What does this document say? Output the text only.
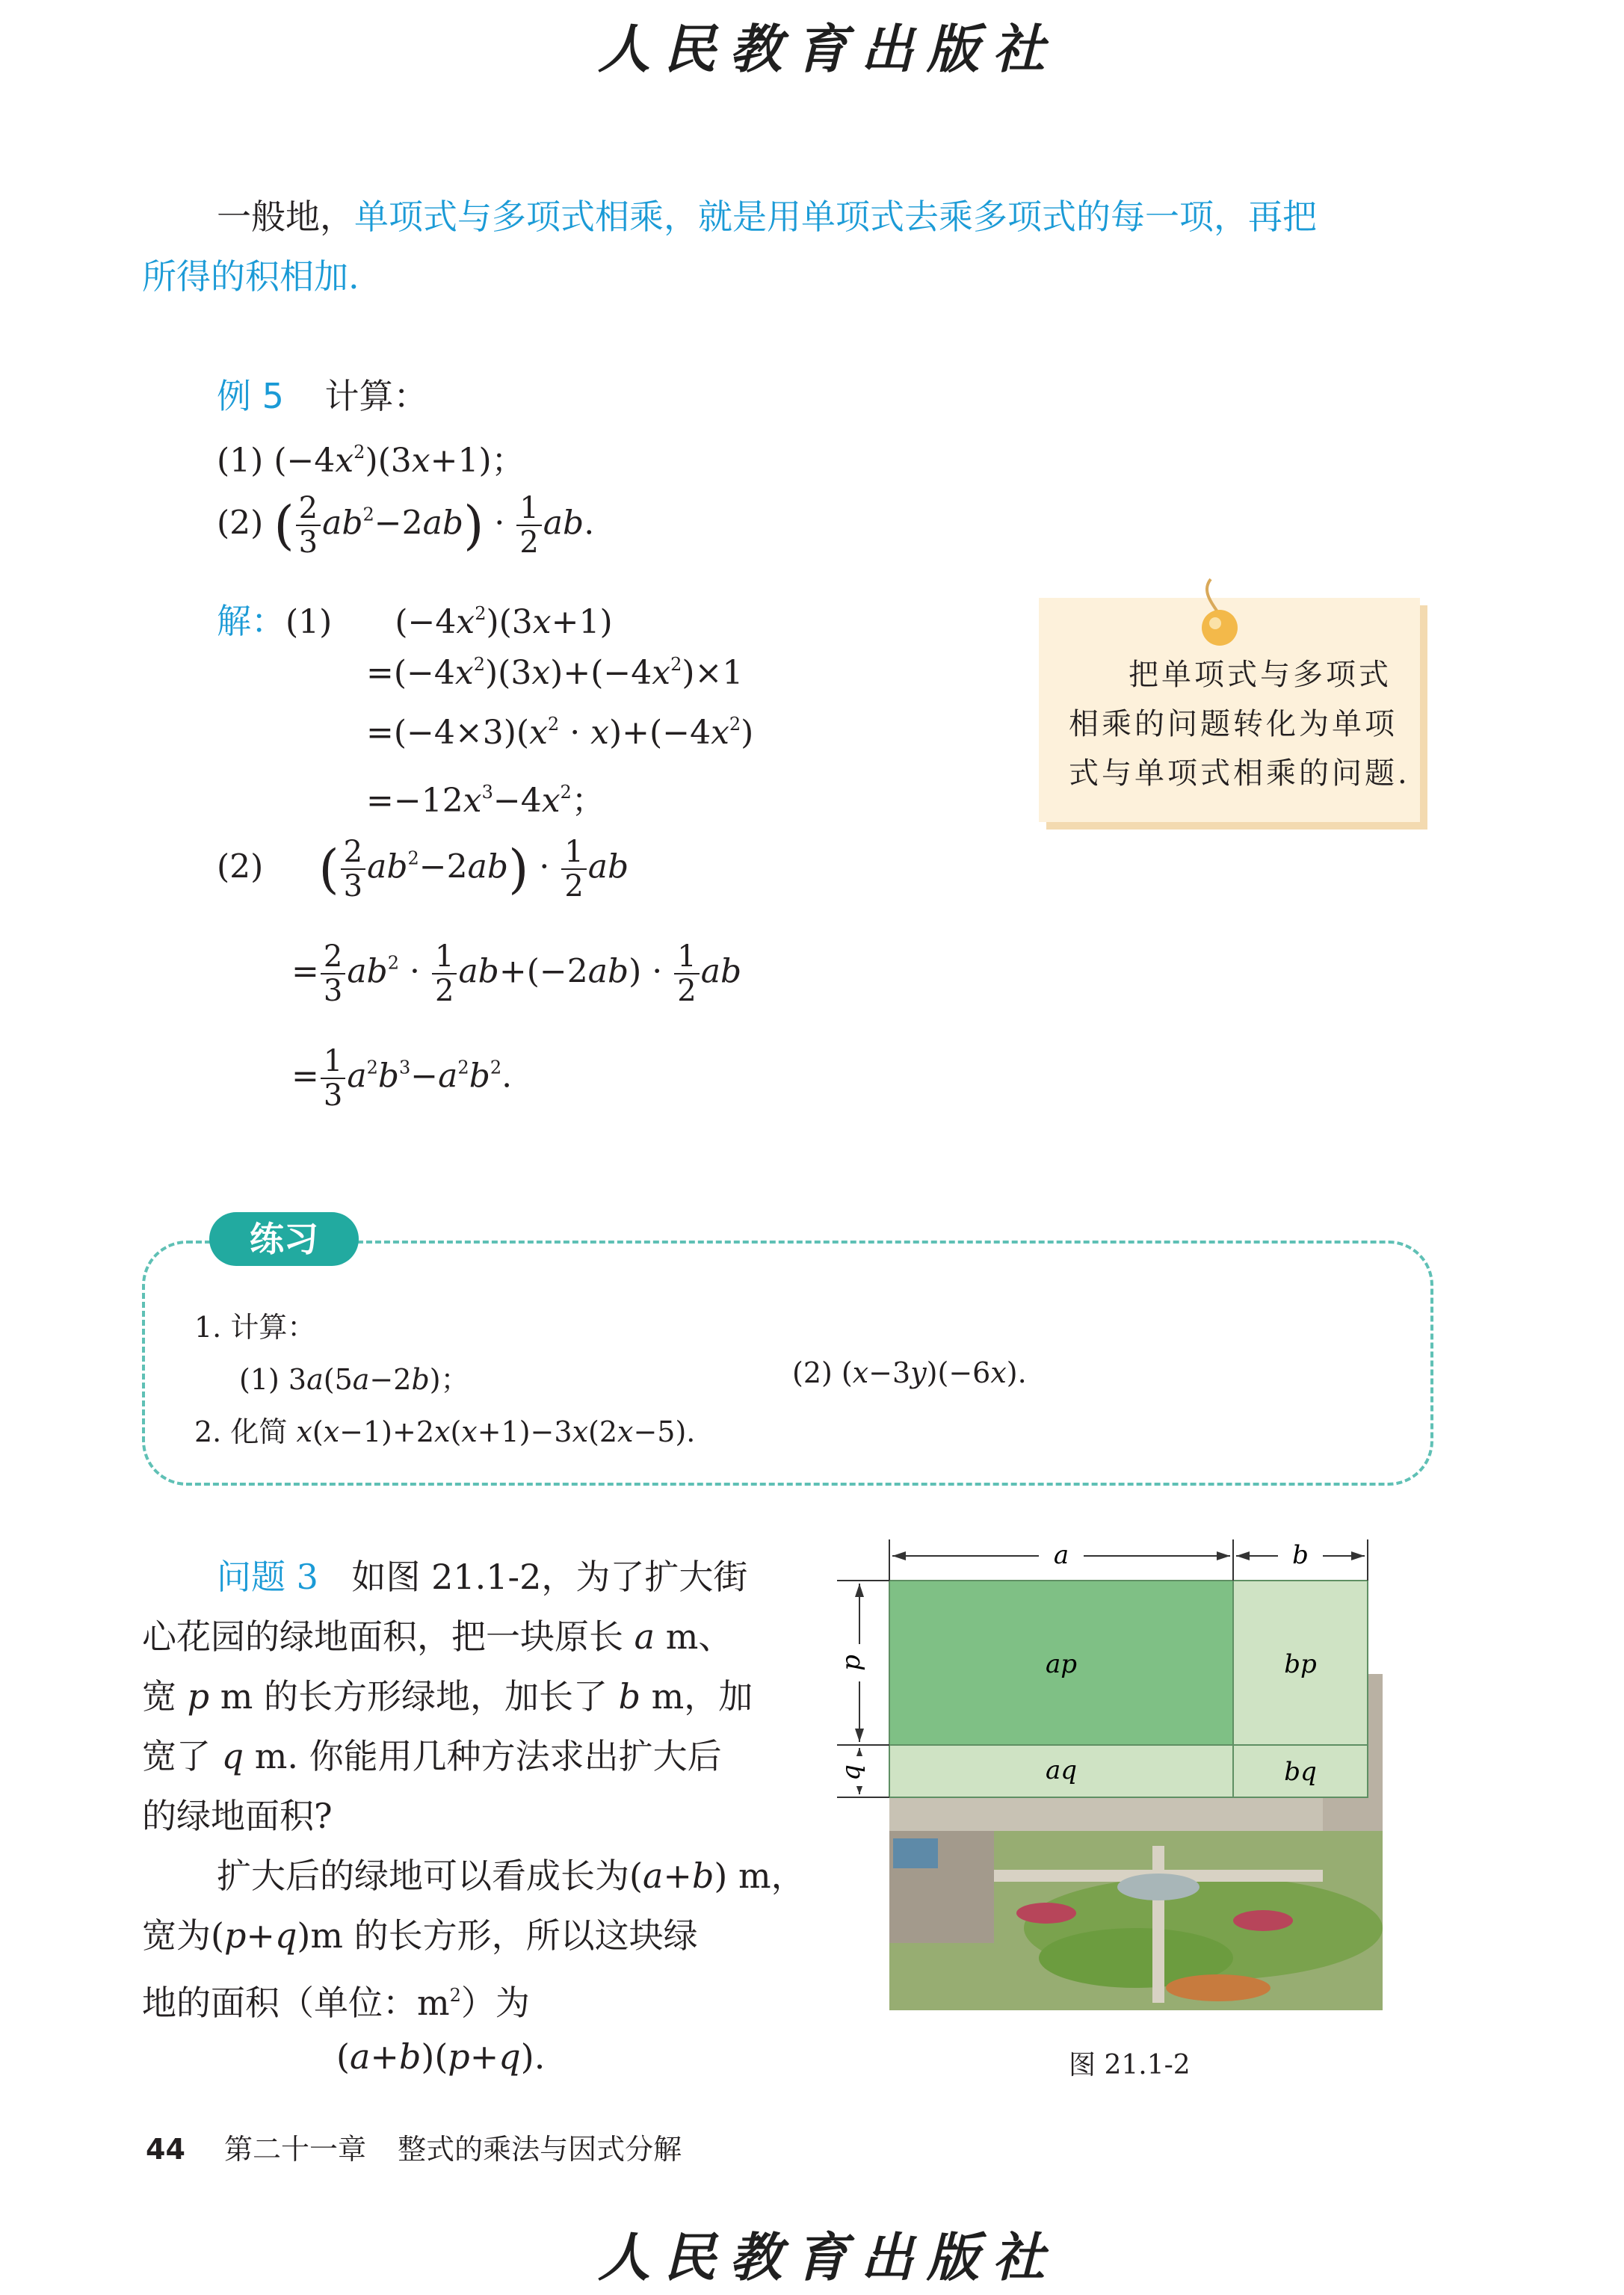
人民教育出版社
一般地，单项式与多项式相乘，就是用单项式去乘多项式的每一项，再把
所得的积相加.
例 5 计算：
(1) $(-4x^2)(3x+1)$；
(2) ( $\frac{2}{3} ab^2-2ab) \cdot \frac{1}{2}$ ab.
解：(1) $(-4x^2)(3x+1)$
$=(-4x^2)(3x)+(-4x^2)\times 1$
$=(-4\times 3)(x^2 \cdot x)+(-4x^2)$
$=-12x^3-4x^2$；
(2) ( $\frac{2}{3} ab^2-2ab) \cdot \frac{1}{2}$ ab
= $\frac{2}{3} ab^2 \cdot \frac{1}{2} ab+(-2ab) \cdot \frac{1}{2}$ ab
= $\frac{1}{3} a^2b^3-a^2b^2$.
把单项式与多项式
相乘的问题转化为单项
式与单项式相乘的问题.
练习
1. 计算：
(1) 3a(5a−2b)；	(2) (x−3y)(−6x).
2. 化简 x(x−1)+2x(x+1)−3x(2x−5).
问题 3 如图 21.1-2，为了扩大街
心花园的绿地面积，把一块原长 a m、
宽 p m 的长方形绿地，加长了 b m，加
宽了 q m. 你能用几种方法求出扩大后
的绿地面积?
扩大后的绿地可以看成长为(a+b) m，
宽为(p+q)m 的长方形，所以这块绿
地的面积（单位：$m^2$）为
(a+b)(p+q).
a	b
p
q
ap	bp
aq	bq
图 21.1-2
44 第二十一章 整式的乘法与因式分解
人民教育出版社
